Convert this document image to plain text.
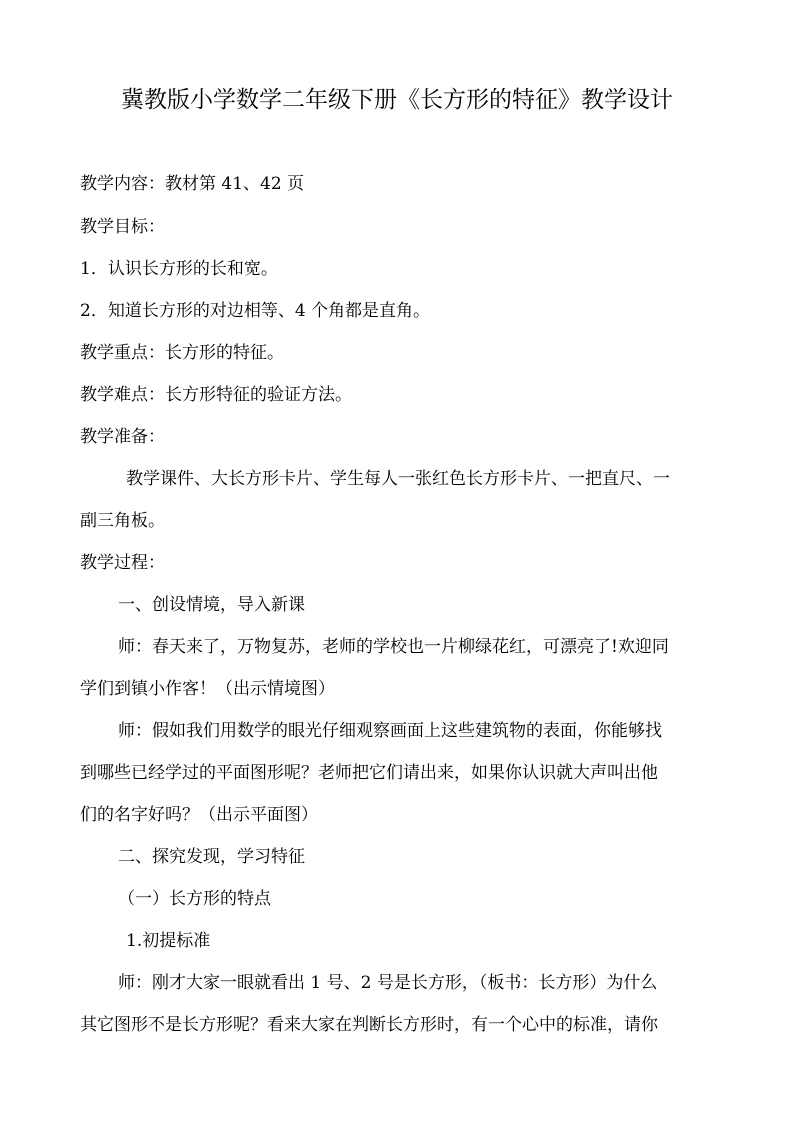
冀教版小学数学二年级下册《长方形的特征》教学设计
教学内容：教材第 41、42 页
教学目标：
1．认识长方形的长和宽。
2．知道长方形的对边相等、4 个角都是直角。
教学重点：长方形的特征。
教学难点：长方形特征的验证方法。
教学准备：
教学课件、大长方形卡片、学生每人一张红色长方形卡片、一把直尺、一
副三角板。
教学过程：
一、创设情境，导入新课
师：春天来了，万物复苏，老师的学校也一片柳绿花红，可漂亮了!欢迎同
学们到镇小作客！（出示情境图）
师：假如我们用数学的眼光仔细观察画面上这些建筑物的表面，你能够找
到哪些已经学过的平面图形呢？老师把它们请出来，如果你认识就大声叫出他
们的名字好吗？（出示平面图）
二、探究发现，学习特征
（一）长方形的特点
1.初提标准
师：刚才大家一眼就看出 1 号、2 号是长方形，（板书：长方形）为什么
其它图形不是长方形呢？看来大家在判断长方形时，有一个心中的标准，请你
